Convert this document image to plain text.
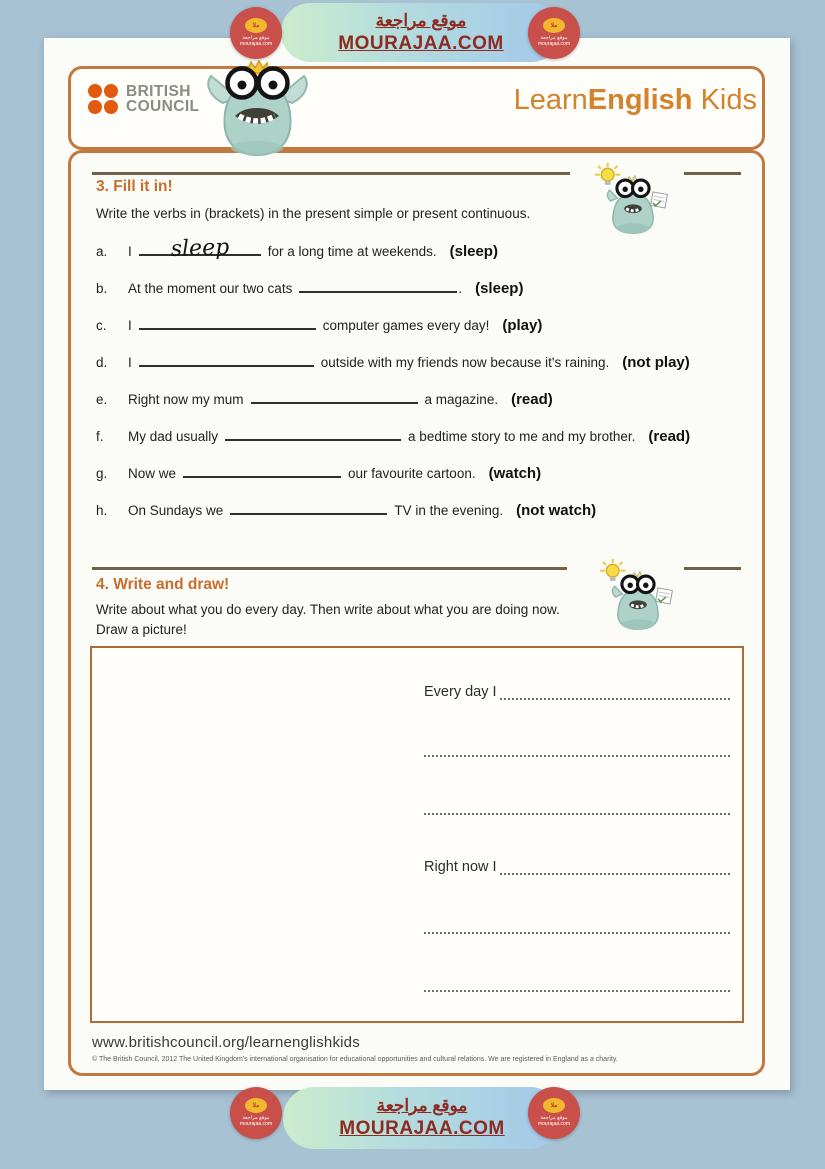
موقع مراجعة
MOURAJAA.COM
ملا
موقع مراجعة
mourajaa.com
ملا
موقع مراجعة
mourajaa.com
BRITISH
COUNCIL	LearnEnglish Kids
3. Fill it in!
Write the verbs in (brackets) in the present simple or present continuous.
a. I	sleep	for a long time at weekends. (sleep)
b. At the moment our two cats	. (sleep)
c. I	computer games every day! (play)
d. I	outside with my friends now because it's raining. (not play)
e. Right now my mum	a magazine. (read)
f. My dad usually	a bedtime story to me and my brother. (read)
g. Now we	our favourite cartoon. (watch)
h. On Sundays we	TV in the evening. (not watch)
4. Write and draw!
Write about what you do every day. Then write about what you are doing now.
Draw a picture!
Every day I
Right now I
www.britishcouncil.org/learnenglishkids
© The British Council, 2012 The United Kingdom's international organisation for educational opportunities and cultural relations. We are registered in England as a charity.
موقع مراجعة
MOURAJAA.COM
ملا
موقع مراجعة
mourajaa.com
ملا
موقع مراجعة
mourajaa.com
